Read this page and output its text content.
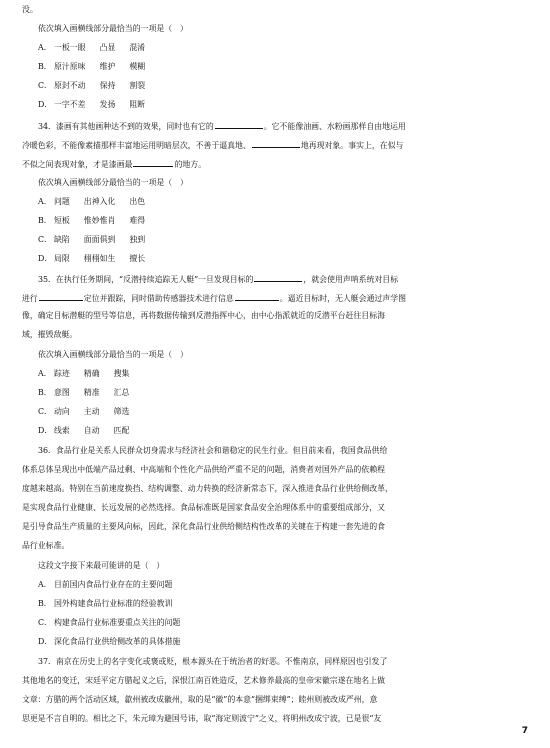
没。
依次填入画横线部分最恰当的一项是（　）
A． 一板一眼 凸显 混淆
B． 原汁原味 维护 模糊
C． 原封不动 保持 割裂
D． 一字不差 发扬 阻断
34．漆画有其他画种达不到的效果，同时也有它的	。它不能像油画、水粉画那样自由地运用
冷暖色彩，不能像素描那样丰富地运用明暗层次，不善于逼真地、	地再现对象。事实上，在似与
不似之间表现对象，才是漆画最	的地方。
依次填入画横线部分最恰当的一项是（　）
A． 问题 出神入化 出色
B． 短板 惟妙惟肖 难得
C． 缺陷 面面俱到 独到
D． 局限 栩栩如生 擅长
35．在执行任务期间，“反潜持续追踪无人艇”一旦发现目标的	，就会使用声呐系统对目标
进行	定位并跟踪，同时借助传感器技术进行信息	。逼近目标时，无人艇会通过声学图
像，确定目标潜艇的型号等信息，再将数据传输到反潜指挥中心，由中心指派就近的反潜平台赶往目标海
域，摧毁敌艇。
依次填入画横线部分最恰当的一项是（　）
A． 踪迹 精确 搜集
B． 意图 精准 汇总
C． 动向 主动 筛选
D． 线索 自动 匹配
36．食品行业是关系人民群众切身需求与经济社会和谐稳定的民生行业。但目前来看，我国食品供给
体系总体呈现出中低端产品过剩、中高端和个性化产品供给严重不足的问题，消费者对国外产品的依赖程
度越来越高。特别在当前速度换挡、结构调整、动力转换的经济新常态下，深入推进食品行业供给侧改革，
是实现食品行业健康、长远发展的必然选择。食品标准既是国家食品安全治理体系中的重要组成部分，又
是引导食品生产质量的主要风向标，因此，深化食品行业供给侧结构性改革的关键在于构建一套先进的食
品行业标准。
这段文字接下来最可能讲的是（　）
A． 目前国内食品行业存在的主要问题
B． 国外构建食品行业标准的经验教训
C． 构建食品行业标准要重点关注的问题
D． 深化食品行业供给侧改革的具体措施
37．南京在历史上的名字变化或褒或贬，根本源头在于统治者的好恶。不惟南京，同样原因也引发了
其他地名的变迁，宋廷平定方腊起义之后，深恨江南百姓造反，艺术修养最高的皇帝宋徽宗遂在地名上做
文章：方腊的两个活动区域，歙州被改成徽州，取的是“徽”的本意“捆绑束缚”；睦州则被改成严州，意
思更是不言自明的。相比之下，朱元璋为避国号讳，取“海定则波宁”之义，将明州改成宁波，已是很“友
7
